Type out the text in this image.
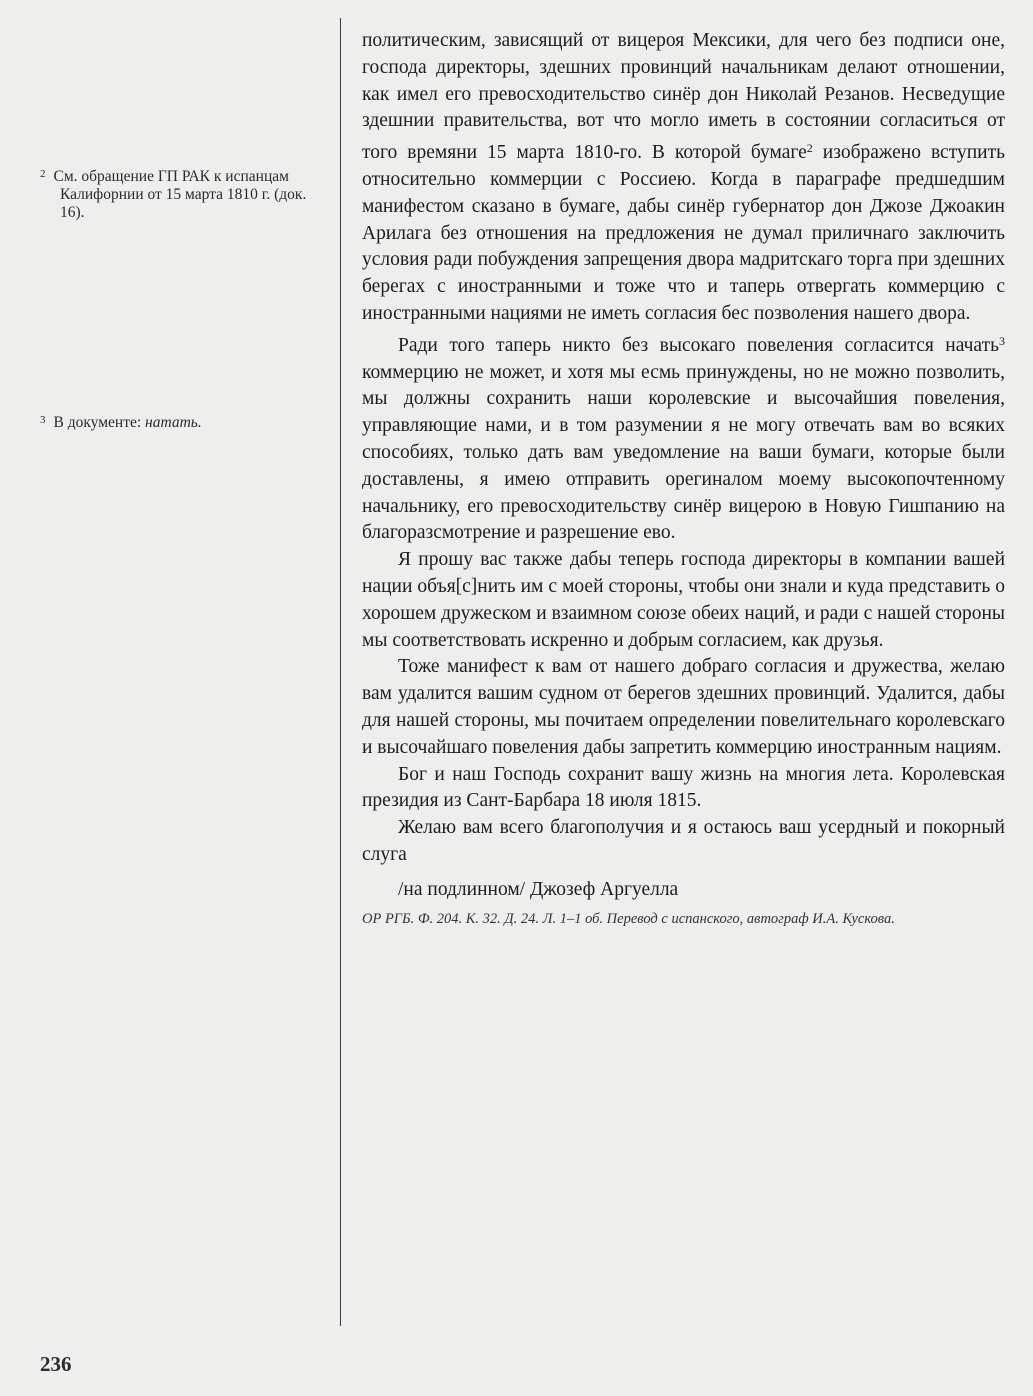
$^2$ См. обращение ГП РАК к испанцам Калифорнии от 15 марта 1810 г. (док. 16).
$^3$ В документе: натать.

политическим, зависящий от вицероя Мексики, для чего без подписи оне, господа директоры, здешних провинций начальникам делают отношении, как имел его превосходительство синёр дон Николай Резанов. Несведущие здешнии правительства, вот что могло иметь в состоянии согласиться от того времяни 15 марта 1810-го. В которой бумаге$^2$ изображено вступить относительно коммерции с Россиею. Когда в параграфе предшедшим манифестом сказано в бумаге, дабы синёр губернатор дон Джозе Джоакин Арилага без отношения на предложения не думал приличнаго заключить условия ради побуждения запрещения двора мадритскаго торга при здешних берегах с иностранными и тоже что и таперь отвергать коммерцию с иностранными нациями не иметь согласия бес позволения нашего двора.

Ради того таперь никто без высокаго повеления согласится начать$^3$ коммерцию не может, и хотя мы есмь принуждены, но не можно позволить, мы должны сохранить наши королевские и высочайшия повеления, управляющие нами, и в том разумении я не могу отвечать вам во всяких способиях, только дать вам уведомление на ваши бумаги, которые были доставлены, я имею отправить орегиналом моему высокопочтенному начальнику, его превосходительству синёр вицерою в Новую Гишпанию на благоразсмотрение и разрешение ево.

Я прошу вас также дабы теперь господа директоры в компании вашей нации объя[с]нить им с моей стороны, чтобы они знали и куда представить о хорошем дружеском и взаимном союзе обеих наций, и ради с нашей стороны мы соответствовать искренно и добрым согласием, как друзья.

Тоже манифест к вам от нашего добраго согласия и дружества, желаю вам удалится вашим судном от берегов здешних провинций. Удалится, дабы для нашей стороны, мы почитаем определении повелительнаго королевскаго и высочайшаго повеления дабы запретить коммерцию иностранным нациям.

Бог и наш Господь сохранит вашу жизнь на многия лета. Королевская президия из Сант-Барбара 18 июля 1815.

Желаю вам всего благополучия и я остаюсь ваш усердный и покорный слуга

/на подлинном/ Джозеф Аргуелла

ОР РГБ. Ф. 204. К. 32. Д. 24. Л. 1–1 об. Перевод с испанского, автограф И.А. Кускова.

236
